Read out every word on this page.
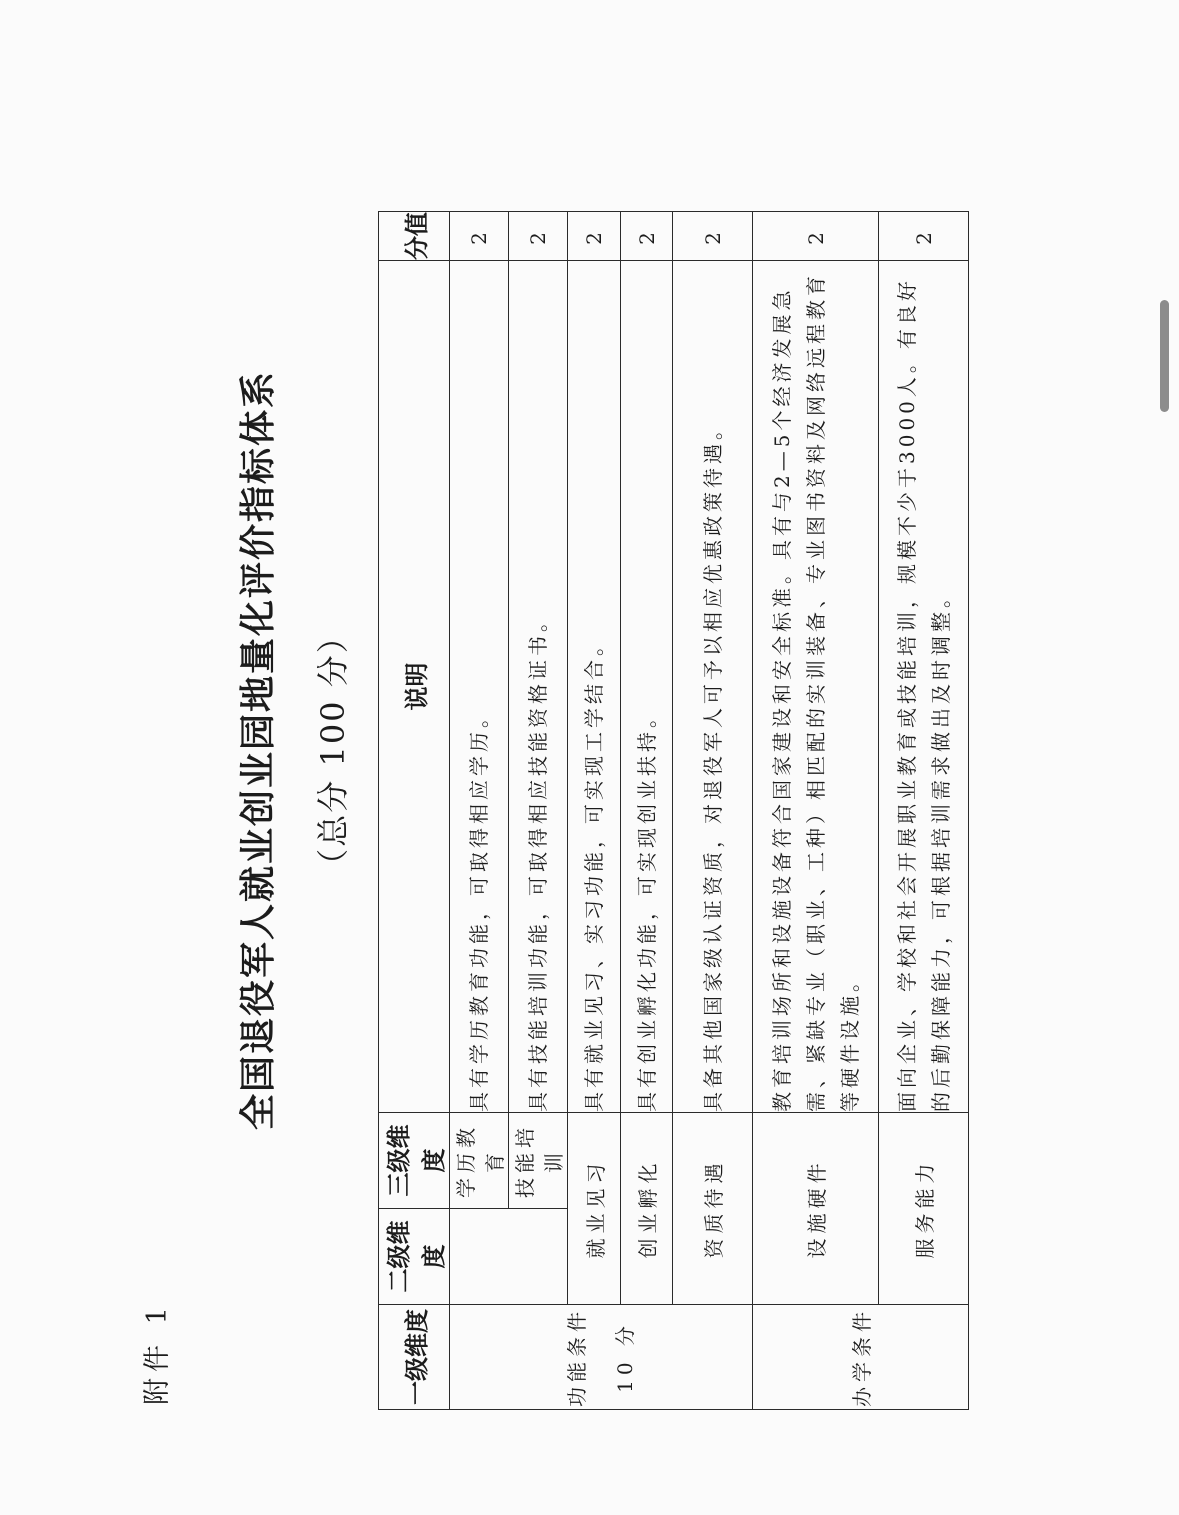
附件 1
全国退役军人就业创业园地量化评价指标体系 （总分 100 分）
一级维度	二级维度	三级维度	说明	分值

功能条件 10 分		学历教育	具有学历教育功能，可取得相应学历。	2
		技能培训	具有技能培训功能，可取得相应技能资格证书。	2
	就业见习		具有就业见习、实习功能，可实现工学结合。	2
	创业孵化		具有创业孵化功能，可实现创业扶持。	2
	资质待遇		具备其他国家级认证资质，对退役军人可予以相应优惠政策待遇。	2
办学条件	设施硬件		教育培训场所和设施设备符合国家建设和安全标准。具有与2—5个经济发展急需、紧缺专业（职业、工种）相匹配的实训装备、专业图书资料及网络远程教育等硬件设施。	2
	服务能力		面向企业、学校和社会开展职业教育或技能培训，规模不少于3000人。有良好的后勤保障能力，可根据培训需求做出及时调整。	2
